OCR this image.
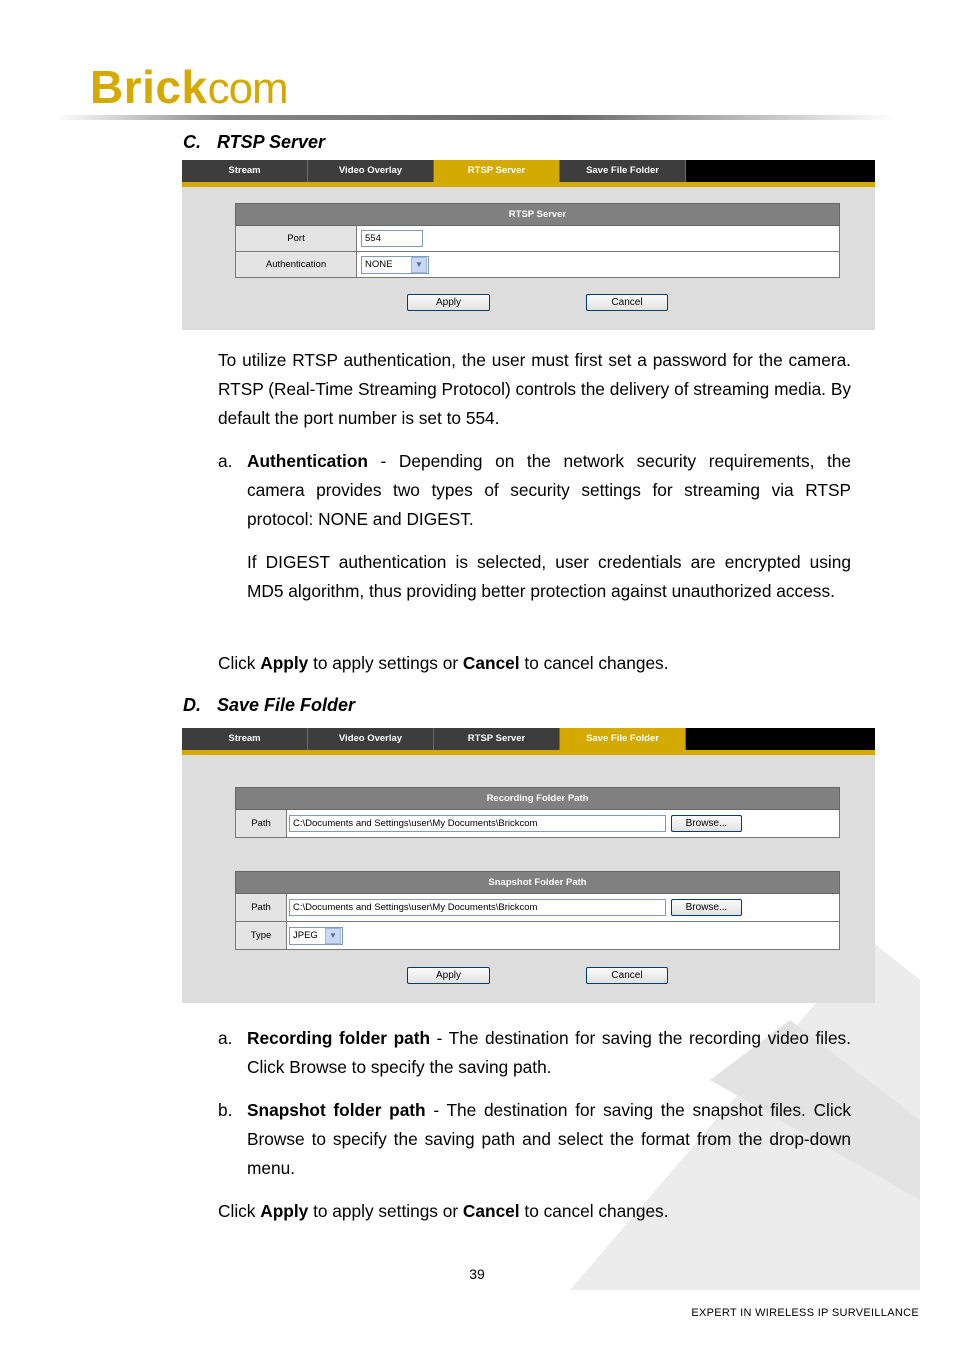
Brick com
C. RTSP Server
Stream	Video Overlay	RTSP Server	Save File Folder
RTSP Server	
Port	554
Authentication	NONE ▼
Apply	Cancel
To utilize RTSP authentication, the user must first set a password for the camera. RTSP (Real-Time Streaming Protocol) controls the delivery of streaming media. By default the port number is set to 554.
a. Authentication - Depending on the network security requirements, the camera provides two types of security settings for streaming via RTSP protocol: NONE and DIGEST.
If DIGEST authentication is selected, user credentials are encrypted using MD5 algorithm, thus providing better protection against unauthorized access.
Click Apply to apply settings or Cancel to cancel changes.
D. Save File Folder
Stream	Video Overlay	RTSP Server	Save File Folder
Recording Folder Path
Path	C:\Documents and Settings\user\My Documents\Brickcom	Browse...
Snapshot Folder Path	
Path	C:\Documents and Settings\user\My Documents\Brickcom Browse...
Type	JPEG ▼
Apply	Cancel
a. Recording folder path - The destination for saving the recording video files. Click Browse to specify the saving path.
b. Snapshot folder path - The destination for saving the snapshot files. Click Browse to specify the saving path and select the format from the drop-down menu.
Click Apply to apply settings or Cancel to cancel changes.
39
EXPERT IN WIRELESS IP SURVEILLANCE
